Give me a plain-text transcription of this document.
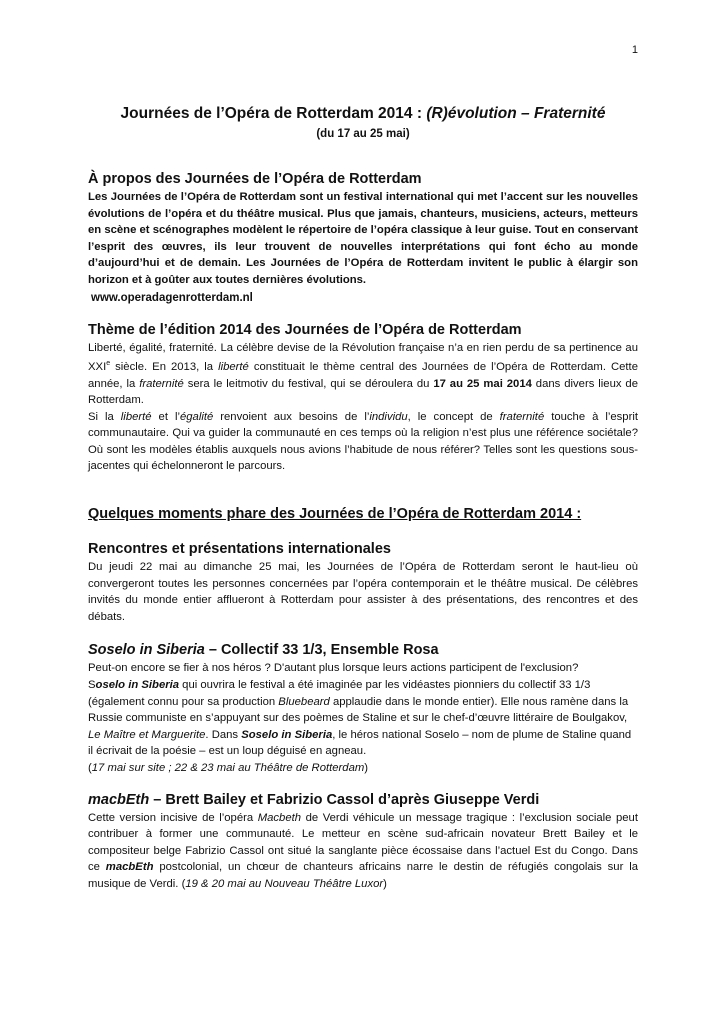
1
Journées de l’Opéra de Rotterdam 2014 : (R)évolution – Fraternité
(du 17 au 25 mai)
À propos des Journées de l’Opéra de Rotterdam

Les Journées de l’Opéra de Rotterdam sont un festival international qui met l’accent sur les nouvelles évolutions de l’opéra et du théâtre musical. Plus que jamais, chanteurs, musiciens, acteurs, metteurs en scène et scénographes modèlent le répertoire de l’opéra classique à leur guise. Tout en conservant l’esprit des œuvres, ils leur trouvent de nouvelles interprétations qui font écho au monde d’aujourd’hui et de demain. Les Journées de l’Opéra de Rotterdam invitent le public à élargir son horizon et à goûter aux toutes dernières évolutions.

www.operadagenrotterdam.nl
Thème de l’édition 2014 des Journées de l’Opéra de Rotterdam

Liberté, égalité, fraternité. La célèbre devise de la Révolution française n’a en rien perdu de sa pertinence au XXIe siècle. En 2013, la liberté constituait le thème central des Journées de l’Opéra de Rotterdam. Cette année, la fraternité sera le leitmotiv du festival, qui se déroulera du 17 au 25 mai 2014 dans divers lieux de Rotterdam.

Si la liberté et l’égalité renvoient aux besoins de l’individu, le concept de fraternité touche à l’esprit communautaire. Qui va guider la communauté en ces temps où la religion n’est plus une référence sociétale? Où sont les modèles établis auxquels nous avions l’habitude de nous référer? Telles sont les questions sous-jacentes qui échelonneront le parcours.

Quelques moments phare des Journées de l’Opéra de Rotterdam 2014 :
Rencontres et présentations internationales

Du jeudi 22 mai au dimanche 25 mai, les Journées de l’Opéra de Rotterdam seront le haut-lieu où convergeront toutes les personnes concernées par l’opéra contemporain et le théâtre musical. De célèbres invités du monde entier afflueront à Rotterdam pour assister à des présentations, des rencontres et des débats.

Soselo in Siberia – Collectif 33 1/3, Ensemble Rosa

Peut-on encore se fier à nos héros ? D'autant plus lorsque leurs actions participent de l'exclusion?

Soselo in Siberia qui ouvrira le festival a été imaginée par les vidéastes pionniers du collectif 33 1/3 (également connu pour sa production Bluebeard applaudie dans le monde entier). Elle nous ramène dans la Russie communiste en s’appuyant sur des poèmes de Staline et sur le chef-d’œuvre littéraire de Boulgakov, Le Maître et Marguerite. Dans Soselo in Siberia, le héros national Soselo – nom de plume de Staline quand il écrivait de la poésie – est un loup déguisé en agneau.

(17 mai sur site ; 22 & 23 mai au Théâtre de Rotterdam)

macbEth – Brett Bailey et Fabrizio Cassol d’après Giuseppe Verdi

Cette version incisive de l’opéra Macbeth de Verdi véhicule un message tragique : l’exclusion sociale peut contribuer à former une communauté. Le metteur en scène sud-africain novateur Brett Bailey et le compositeur belge Fabrizio Cassol ont situé la sanglante pièce écossaise dans l’actuel Est du Congo. Dans ce macbEth postcolonial, un chœur de chanteurs africains narre le destin de réfugiés congolais sur la musique de Verdi. (19 & 20 mai au Nouveau Théâtre Luxor)
